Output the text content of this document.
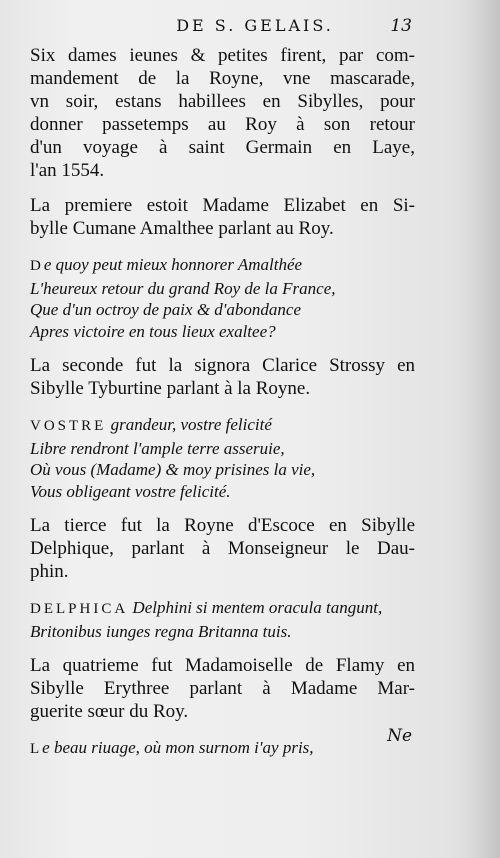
DE S. GELAIS.	13
Six dames ieunes & petites firent, par com-
mandement de la Royne, vne mascarade,
vn soir, estans habillees en Sibylles, pour
donner passetemps au Roy à son retour
d'un voyage à saint Germain en Laye,
l'an 1554.
La premiere estoit Madame Elizabet en Si-
bylle Cumane Amalthee parlant au Roy.
De quoy peut mieux honnorer Amalthée
L'heureux retour du grand Roy de la France,
Que d'un octroy de paix & d'abondance
Apres victoire en tous lieux exaltee?
La seconde fut la signora Clarice Strossy en
Sibylle Tyburtine parlant à la Royne.
VOSTRE grandeur, vostre felicité
Libre rendront l'ample terre asseruie,
Où vous (Madame) & moy prisines la vie,
Vous obligeant vostre felicité.
La tierce fut la Royne d'Escoce en Sibylle
Delphique, parlant à Monseigneur le Dau-
phin.
DELPHICA Delphini si mentem oracula tangunt,
Britonibus iunges regna Britanna tuis.
La quatrieme fut Madamoiselle de Flamy en
Sibylle Erythree parlant à Madame Mar-
guerite sœur du Roy.
Le beau riuage, où mon surnom i'ay pris,
Ne
